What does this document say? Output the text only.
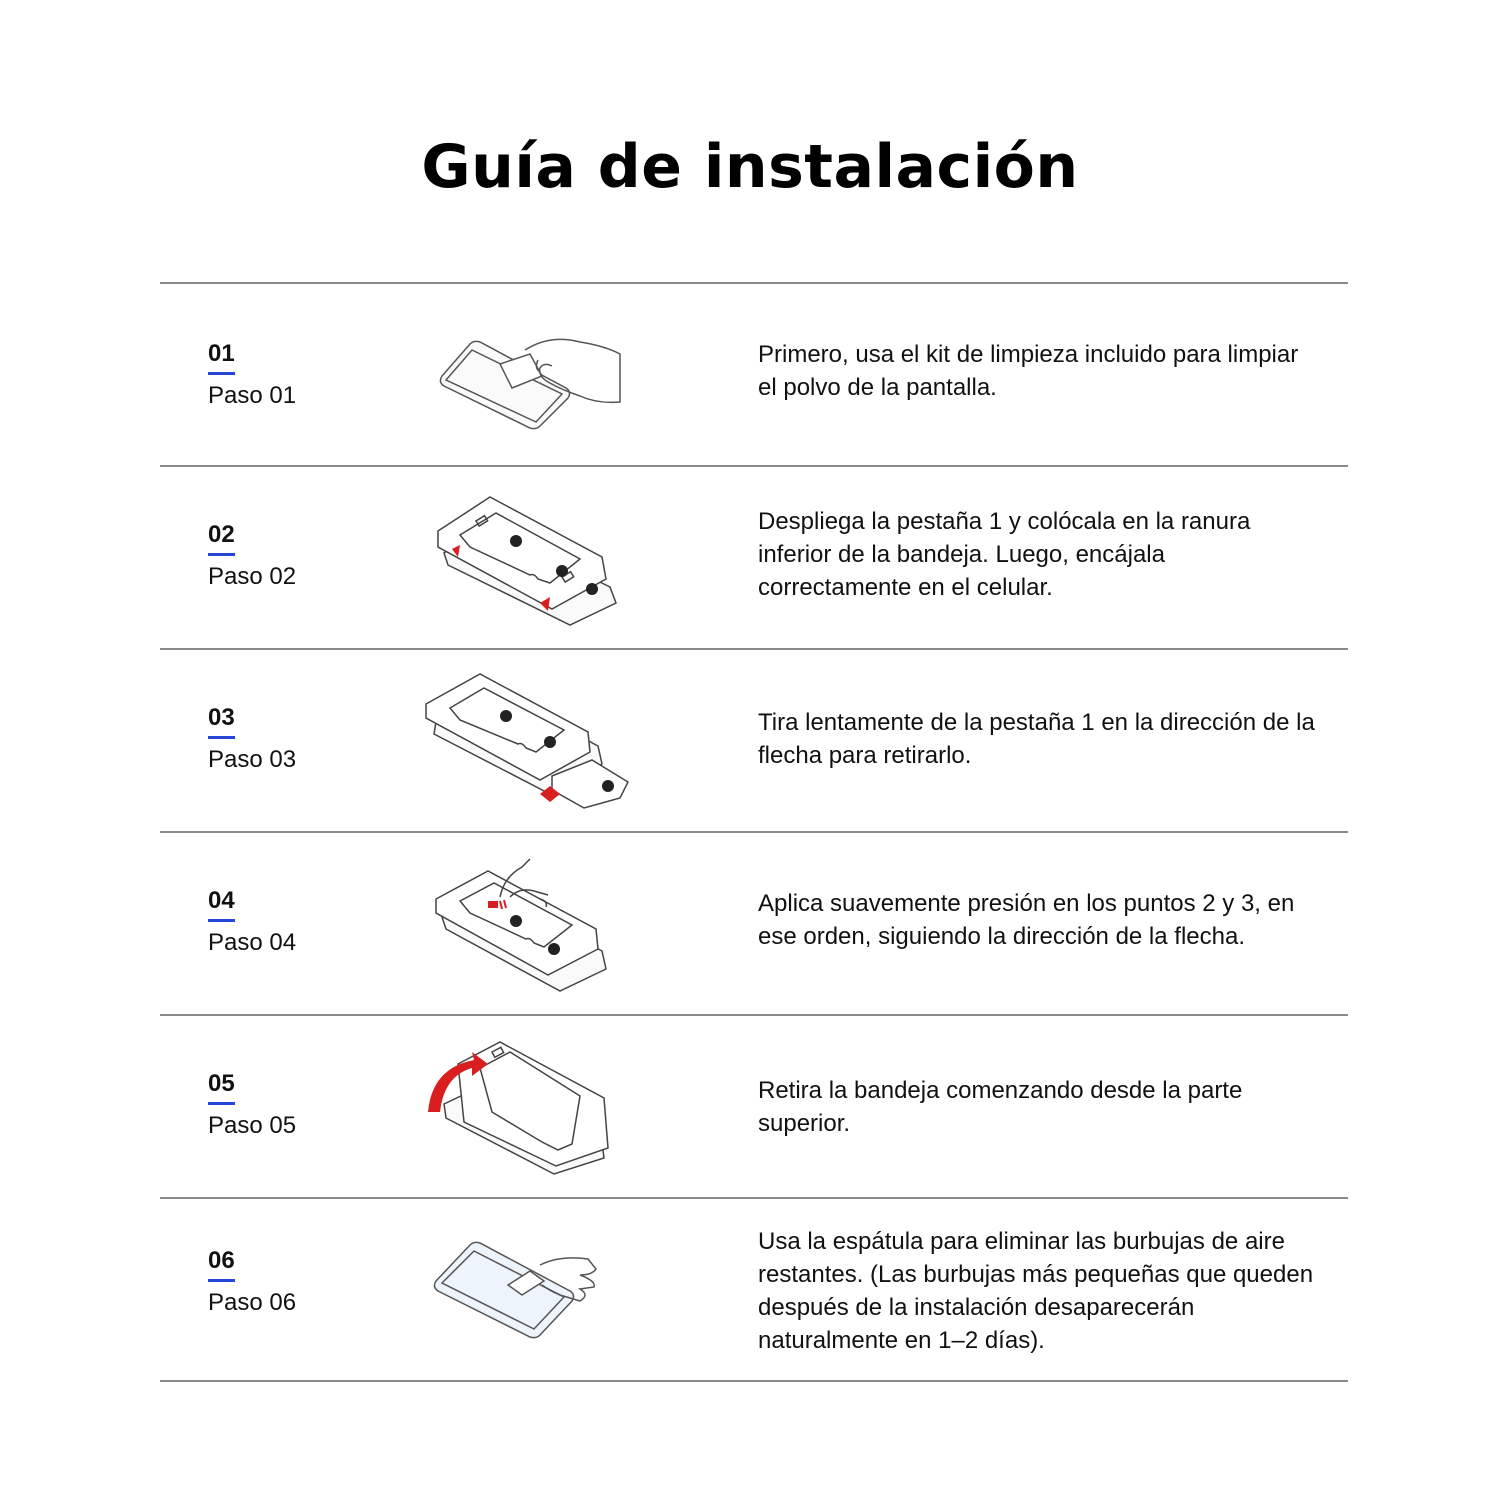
Guía de instalación
01
Paso 01
Primero, usa el kit de limpieza incluido para limpiar el polvo de la pantalla.
02
Paso 02
Despliega la pestaña 1 y colócala en la ranura inferior de la bandeja. Luego, encájala correctamente en el celular.
03
Paso 03
Tira lentamente de la pestaña 1 en la dirección de la flecha para retirarlo.
04
Paso 04
Aplica suavemente presión en los puntos 2 y 3, en ese orden, siguiendo la dirección de la flecha.
05
Paso 05
Retira la bandeja comenzando desde la parte superior.
06
Paso 06
Usa la espátula para eliminar las burbujas de aire restantes. (Las burbujas más pequeñas que queden después de la instalación desaparecerán naturalmente en 1–2 días).
